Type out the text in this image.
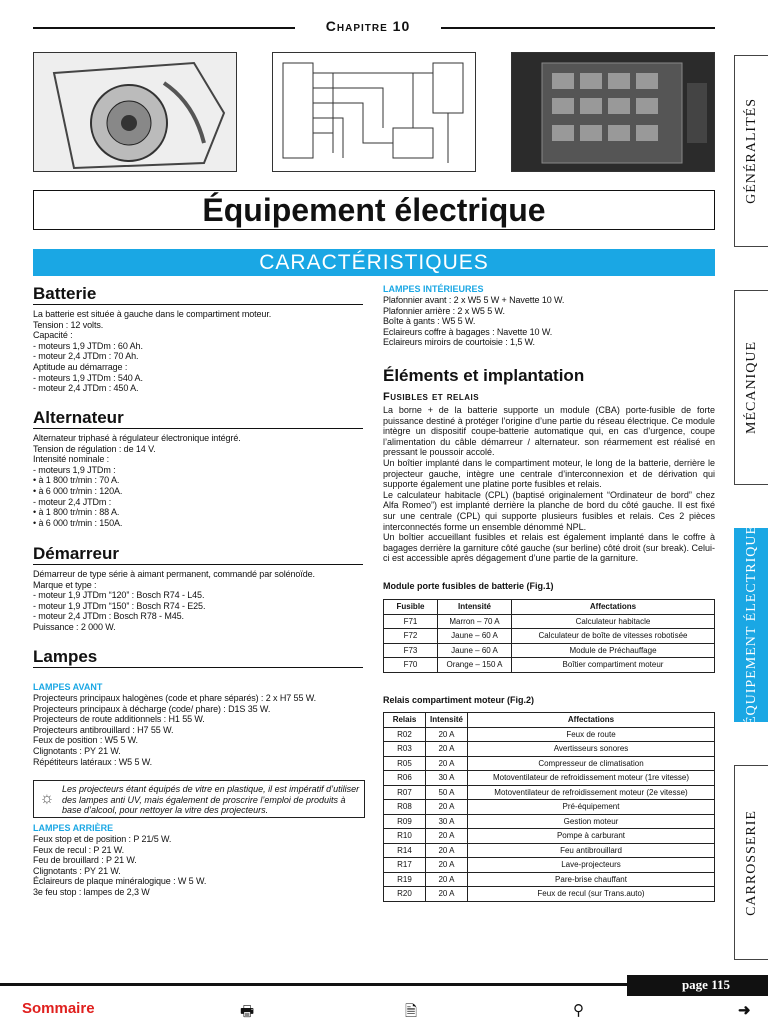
Chapitre 10
Équipement électrique
CARACTÉRISTIQUES
GÉNÉRALITÉS
MÉCANIQUE
ÉQUIPEMENT ÉLECTRIQUE
CARROSSERIE
Batterie
La batterie est située à gauche dans le compartiment moteur.
Tension : 12 volts.
Capacité :
- moteurs 1,9 JTDm : 60 Ah.
- moteur 2,4 JTDm : 70 Ah.
Aptitude au démarrage :
- moteurs 1,9 JTDm : 540 A.
- moteur 2,4 JTDm : 450 A.
Alternateur
Alternateur triphasé à régulateur électronique intégré.
Tension de régulation : de 14 V.
Intensité nominale :
- moteurs 1,9 JTDm :
• à 1 800 tr/min : 70 A.
• à 6 000 tr/min : 120A.
- moteur 2,4 JTDm :
• à 1 800 tr/min : 88 A.
• à 6 000 tr/min : 150A.
Démarreur
Démarreur de type série à aimant permanent, commandé par solénoïde.
Marque et type :
- moteur 1,9 JTDm “120” : Bosch R74 - L45.
- moteur 1,9 JTDm “150” : Bosch R74 - E25.
- moteur 2,4 JTDm : Bosch R78 - M45.
Puissance : 2 000 W.
Lampes
LAMPES AVANT
Projecteurs principaux halogènes (code et phare séparés) : 2 x H7 55 W.
Projecteurs principaux à décharge (code/ phare) : D1S 35 W.
Projecteurs de route additionnels : H1 55 W.
Projecteurs antibrouillard : H7 55 W.
Feux de position : W5 5 W.
Clignotants : PY 21 W.
Répétiteurs latéraux : W5 5 W.
☼
Les projecteurs étant équipés de vitre en plastique, il est impératif d’utiliser des lampes anti UV, mais également de proscrire l’emploi de produits à base d’alcool, pour nettoyer la vitre des projecteurs.
LAMPES ARRIÈRE
Feux stop et de position : P 21/5 W.
Feux de recul : P 21 W.
Feu de brouillard : P 21 W.
Clignotants : PY 21 W.
Éclaireurs de plaque minéralogique : W 5 W.
3e feu stop : lampes de 2,3 W
LAMPES INTÉRIEURES
Plafonnier avant : 2 x W5 5 W + Navette 10 W.
Plafonnier arrière : 2 x W5 5 W.
Boîte à gants : W5 5 W.
Eclaireurs coffre à bagages : Navette 10 W.
Eclaireurs miroirs de courtoisie : 1,5 W.
Éléments et implantation
Fusibles et relais
La borne + de la batterie supporte un module (CBA) porte-fusible de forte puissance destiné à protéger l’origine d’une partie du réseau électrique. Ce module intègre un dispositif coupe-batterie automatique qui, en cas d’urgence, coupe l’alimentation du câble démarreur / alternateur. son réarmement est réalisé en pressant le poussoir accolé.
Un boîtier implanté dans le compartiment moteur, le long de la batterie, derrière le projecteur gauche, intègre une centrale d’interconnexion et de dérivation qui supporte également une platine porte fusibles et relais.
Le calculateur habitacle (CPL) (baptisé originalement “Ordinateur de bord” chez Alfa Romeo”) est implanté derrière la planche de bord du côté gauche. Il est fixé sur une centrale (CPL) qui supporte plusieurs fusibles et relais. Ces 2 pièces interconnectés forme un ensemble dénommé NPL.
Un boîtier accueillant fusibles et relais est également implanté dans le coffre à bagages derrière la garniture côté gauche (sur berline) côté droit (sur break). Celui-ci est accessible après dégagement d’une partie de la garniture.
Module porte fusibles de batterie (Fig.1)
Fusible	Intensité	Affectations
F71	Marron – 70 A	Calculateur habitacle
F72	Jaune – 60 A	Calculateur de boîte de vitesses robotisée
F73	Jaune – 60 A	Module de Préchauffage
F70	Orange – 150 A	Boîtier compartiment moteur
Relais compartiment moteur (Fig.2)
Relais	Intensité	Affectations
R02	20 A	Feux de route
R03	20 A	Avertisseurs sonores
R05	20 A	Compresseur de climatisation
R06	30 A	Motoventilateur de refroidissement moteur (1re vitesse)
R07	50 A	Motoventilateur de refroidissement moteur (2e vitesse)
R08	20 A	Pré-équipement
R09	30 A	Gestion moteur
R10	20 A	Pompe à carburant
R14	20 A	Feu antibrouillard
R17	20 A	Lave-projecteurs
R19	20 A	Pare-brise chauffant
R20	20 A	Feux de recul (sur Trans.auto)
page 115
Sommaire	🖶	🗎	⚲	➜
